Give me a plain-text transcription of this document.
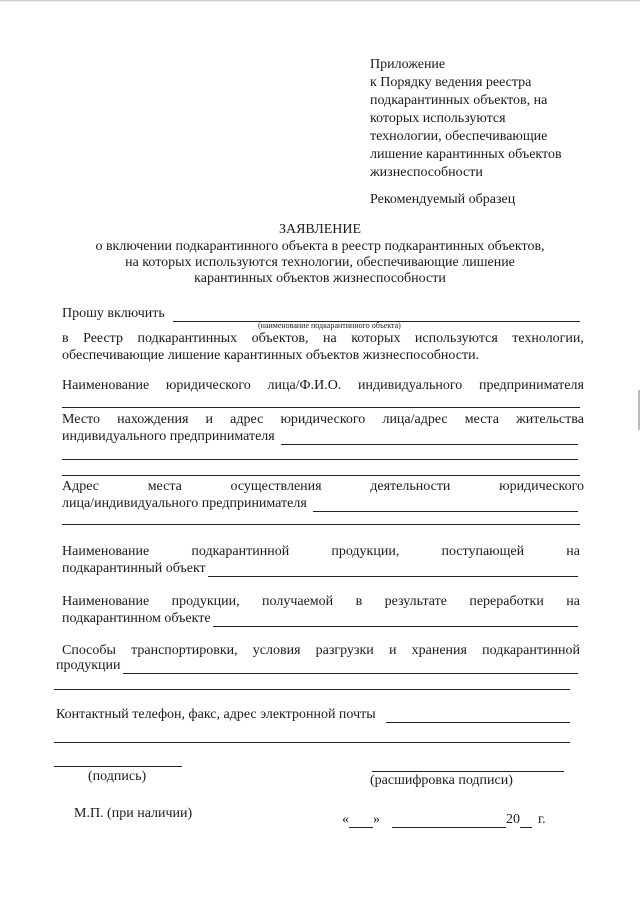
Приложение
к Порядку ведения реестра
подкарантинных объектов, на
которых используются
технологии, обеспечивающие
лишение карантинных объектов
жизнеспособности
Рекомендуемый образец
ЗАЯВЛЕНИЕ
о включении подкарантинного объекта в реестр подкарантинных объектов,
на которых используются технологии, обеспечивающие лишение
карантинных объектов жизнеспособности
Прошу включить
(наименование подкарантинного объекта)
в Реестр подкарантинных объектов, на которых используются технологии,
обеспечивающие лишение карантинных объектов жизнеспособности.
Наименование юридического лица/Ф.И.О. индивидуального предпринимателя
Место нахождения и адрес юридического лица/адрес места жительства
индивидуального предпринимателя
Адрес	места	осуществления	деятельности	юридического
лица/индивидуального предпринимателя
Наименование	подкарантинной	продукции,	поступающей	на
подкарантинный объект
Наименование продукции, получаемой в результате переработки на
подкарантинном объекте
Способы транспортировки, условия разгрузки и хранения подкарантинной
продукции
Контактный телефон, факс, адрес электронной почты
(подпись)	(расшифровка подписи)
М.П. (при наличии)	« »	20 г.
